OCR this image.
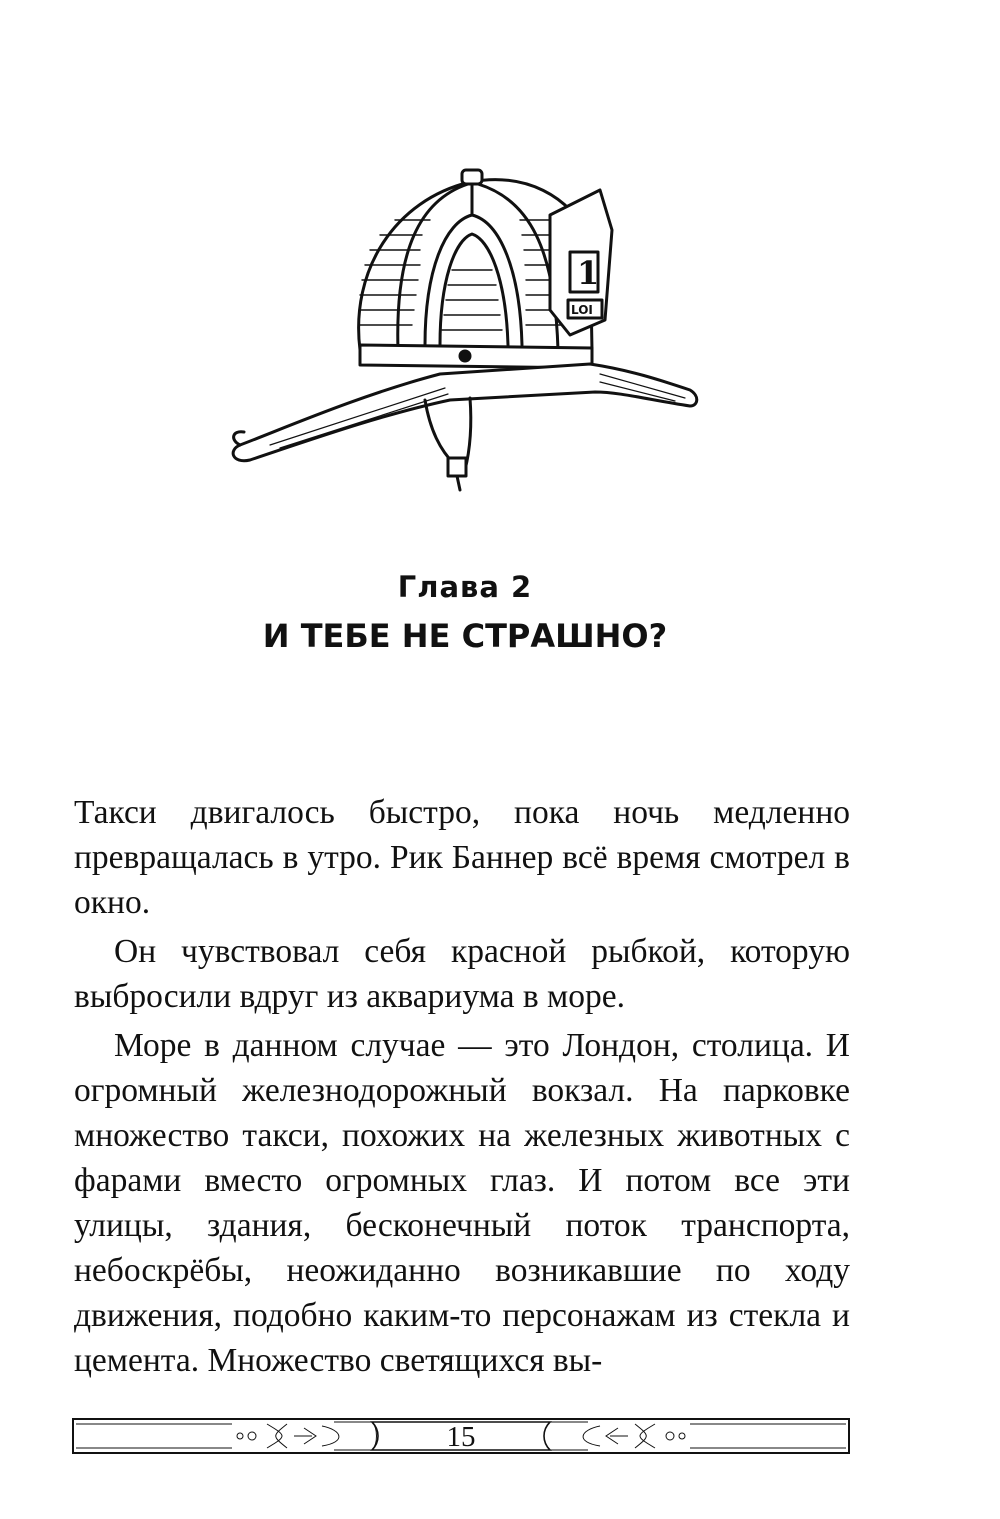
1
LOI
Глава 2
И ТЕБЕ НЕ СТРАШНО?

Такси двигалось быстро, пока ночь медленно превращалась в утро. Рик Баннер всё время смотрел в окно.

Он чувствовал себя красной рыбкой, которую выбросили вдруг из аквариума в море.

Море в данном случае — это Лондон, столица. И огромный железнодорожный вокзал. На парковке множество такси, похожих на железных животных с фарами вместо огромных глаз. И потом все эти улицы, здания, бесконечный поток транспорта, небоскрёбы, неожиданно возникавшие по ходу движения, подобно каким-то персонажам из стекла и цемента. Множество светящихся вы-

15
